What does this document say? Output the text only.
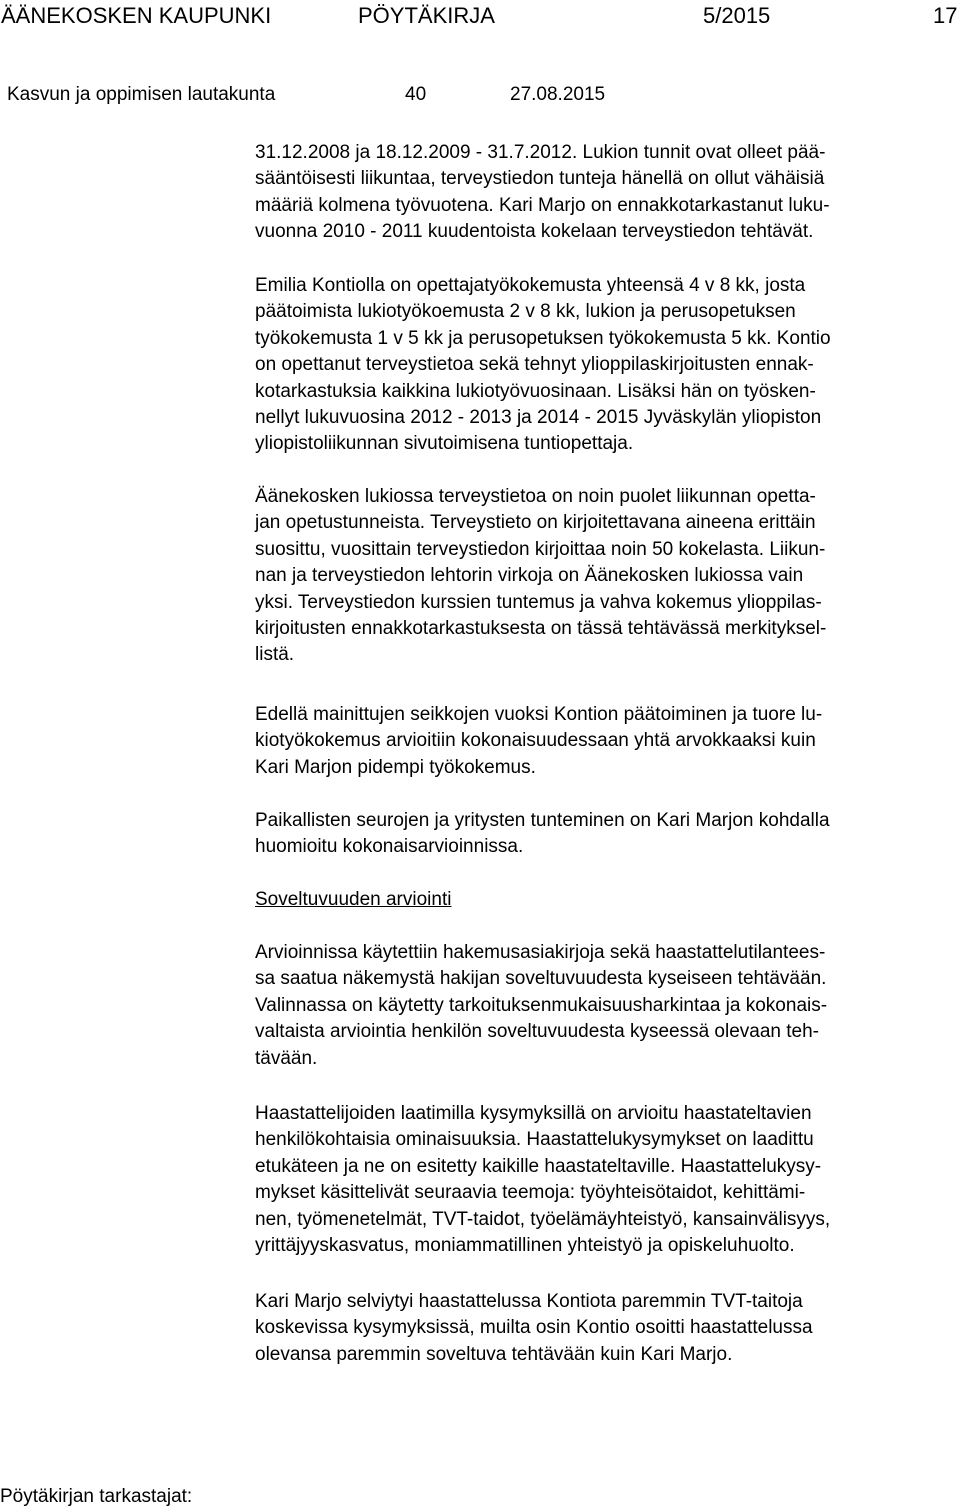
ÄÄNEKOSKEN KAUPUNKI	PÖYTÄKIRJA	5/2015	17
Kasvun ja oppimisen lautakunta	40	27.08.2015
31.12.2008 ja 18.12.2009 - 31.7.2012. Lukion tunnit ovat olleet pää-
sääntöisesti liikuntaa, terveystiedon tunteja hänellä on ollut vähäisiä
määriä kolmena työvuotena. Kari Marjo on ennakkotarkastanut luku-
vuonna 2010 - 2011 kuudentoista kokelaan terveystiedon tehtävät.
Emilia Kontiolla on opettajatyökokemusta yhteensä 4 v 8 kk, josta
päätoimista lukiotyökoemusta 2 v 8 kk, lukion ja perusopetuksen
työkokemusta 1 v 5 kk ja perusopetuksen työkokemusta 5 kk. Kontio
on opettanut terveystietoa sekä tehnyt ylioppilaskirjoitusten ennak-
kotarkastuksia kaikkina lukiotyövuosinaan. Lisäksi hän on työsken-
nellyt lukuvuosina 2012 - 2013 ja 2014 - 2015 Jyväskylän yliopiston
yliopistoliikunnan sivutoimisena tuntiopettaja.
Äänekosken lukiossa terveystietoa on noin puolet liikunnan opetta-
jan opetustunneista. Terveystieto on kirjoitettavana aineena erittäin
suosittu, vuosittain terveystiedon kirjoittaa noin 50 kokelasta. Liikun-
nan ja terveystiedon lehtorin virkoja on Äänekosken lukiossa vain
yksi. Terveystiedon kurssien tuntemus ja vahva kokemus ylioppilas-
kirjoitusten ennakkotarkastuksesta on tässä tehtävässä merkityksel-
listä.
Edellä mainittujen seikkojen vuoksi Kontion päätoiminen ja tuore lu-
kiotyökokemus arvioitiin kokonaisuudessaan yhtä arvokkaaksi kuin
Kari Marjon pidempi työkokemus.
Paikallisten seurojen ja yritysten tunteminen on Kari Marjon kohdalla
huomioitu kokonaisarvioinnissa.
Soveltuvuuden arviointi
Arvioinnissa käytettiin hakemusasiakirjoja sekä haastattelutilantees-
sa saatua näkemystä hakijan soveltuvuudesta kyseiseen tehtävään.
Valinnassa on käytetty tarkoituksenmukaisuusharkintaa ja kokonais-
valtaista arviointia henkilön soveltuvuudesta kyseessä olevaan teh-
tävään.
Haastattelijoiden laatimilla kysymyksillä on arvioitu haastateltavien
henkilökohtaisia ominaisuuksia. Haastattelukysymykset on laadittu
etukäteen ja ne on esitetty kaikille haastateltaville. Haastattelukysy-
mykset käsittelivät seuraavia teemoja: työyhteisötaidot, kehittämi-
nen, työmenetelmät, TVT-taidot, työelämäyhteistyö, kansainvälisyys,
yrittäjyyskasvatus, moniammatillinen yhteistyö ja opiskeluhuolto.
Kari Marjo selviytyi haastattelussa Kontiota paremmin TVT-taitoja
koskevissa kysymyksissä, muilta osin Kontio osoitti haastattelussa
olevansa paremmin soveltuva tehtävään kuin Kari Marjo.
Pöytäkirjan tarkastajat:
